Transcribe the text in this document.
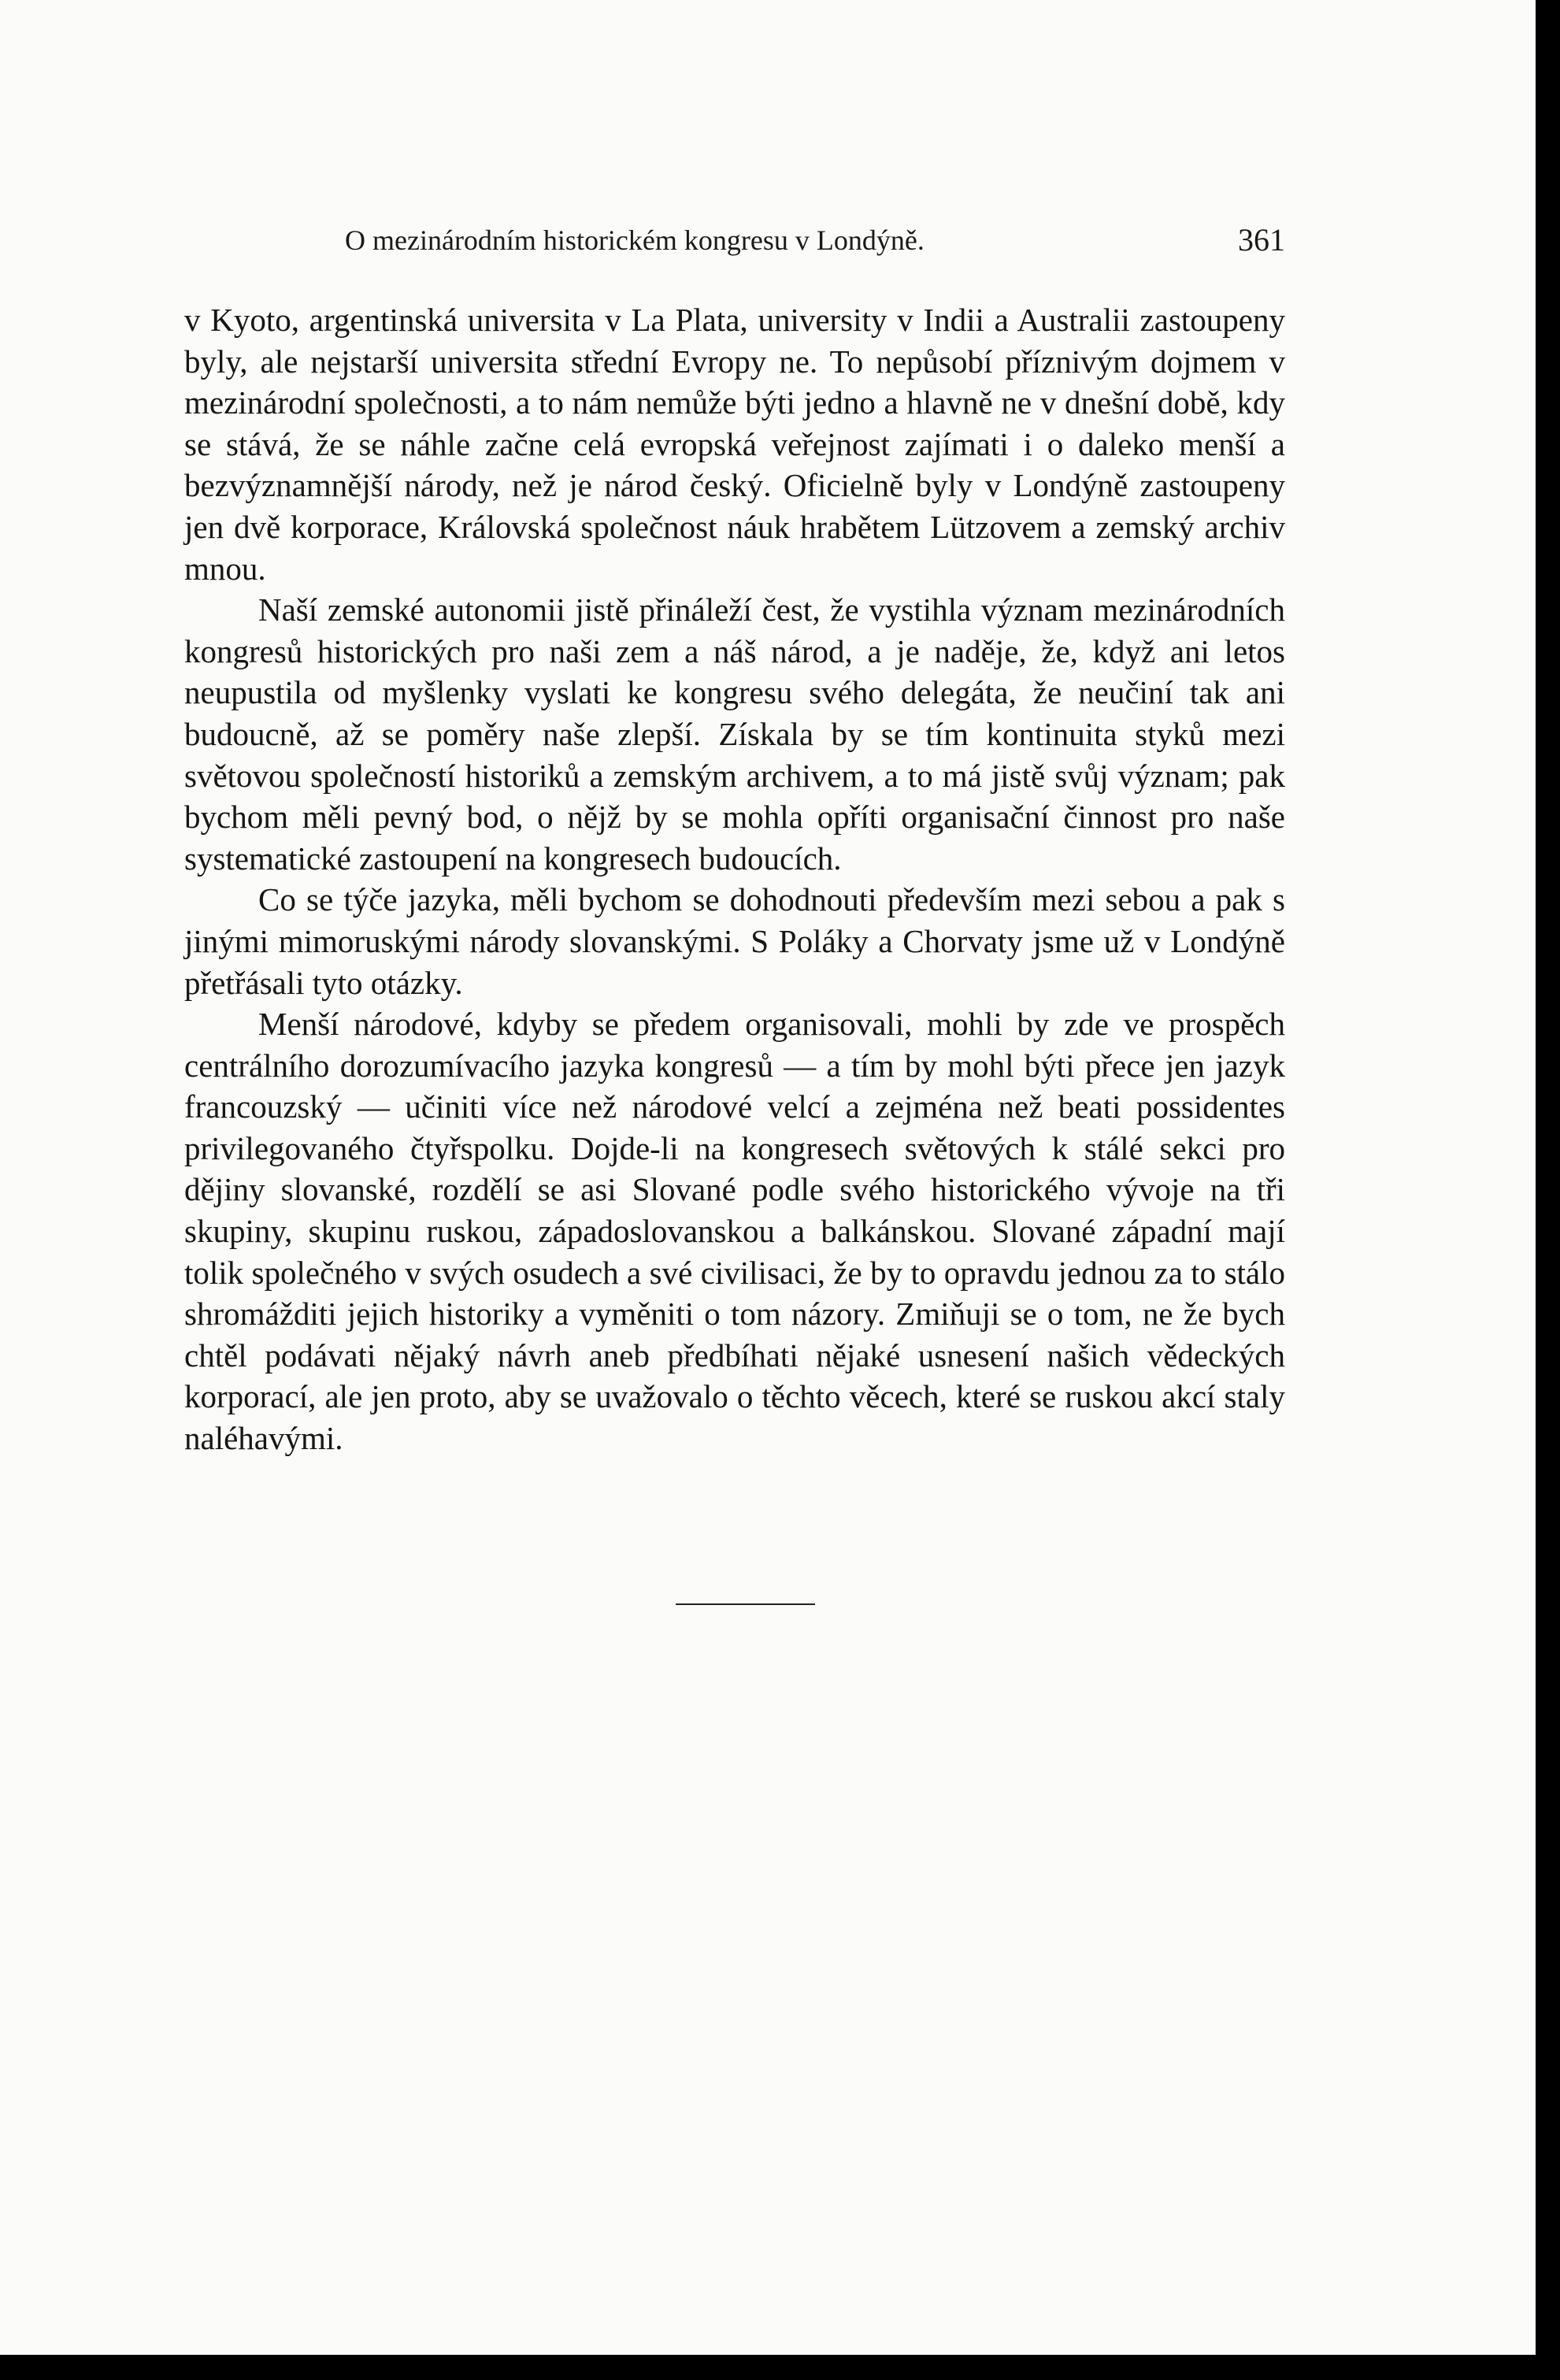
O mezinárodním historickém kongresu v Londýně.	361

v Kyoto, argentinská universita v La Plata, university v Indii a Australii zastoupeny byly, ale nejstarší universita střední Evropy ne. To nepůsobí příznivým dojmem v mezinárodní společnosti, a to nám nemůže býti jedno a hlavně ne v dnešní době, kdy se stává, že se náhle začne celá evropská veřejnost zajímati i o daleko menší a bezvýznamnější národy, než je národ český. Oficielně byly v Londýně zastoupeny jen dvě korporace, Královská společnost náuk hrabětem Lützovem a zemský archiv mnou.

Naší zemské autonomii jistě přináleží čest, že vystihla význam mezinárodních kongresů historických pro naši zem a náš národ, a je naděje, že, když ani letos neupustila od myšlenky vyslati ke kongresu svého delegáta, že neučiní tak ani budoucně, až se poměry naše zlepší. Získala by se tím kontinuita styků mezi světovou společností historiků a zemským archivem, a to má jistě svůj význam; pak bychom měli pevný bod, o nějž by se mohla opříti organisační činnost pro naše systematické zastoupení na kongresech budoucích.

Co se týče jazyka, měli bychom se dohodnouti především mezi sebou a pak s jinými mimoruskými národy slovanskými. S Poláky a Chorvaty jsme už v Londýně přetřásali tyto otázky.

Menší národové, kdyby se předem organisovali, mohli by zde ve prospěch centrálního dorozumívacího jazyka kongresů — a tím by mohl býti přece jen jazyk francouzský — učiniti více než národové velcí a zejména než beati possidentes privilegovaného čtyřspolku. Dojde-li na kongresech světových k stálé sekci pro dějiny slovanské, rozdělí se asi Slované podle svého historického vývoje na tři skupiny, skupinu ruskou, západoslovanskou a balkánskou. Slované západní mají tolik společného v svých osudech a své civilisaci, že by to opravdu jednou za to stálo shromážditi jejich historiky a vyměniti o tom názory. Zmiňuji se o tom, ne že bych chtěl podávati nějaký návrh aneb předbíhati nějaké usnesení našich vědeckých korporací, ale jen proto, aby se uvažovalo o těchto věcech, které se ruskou akcí staly naléhavými.
